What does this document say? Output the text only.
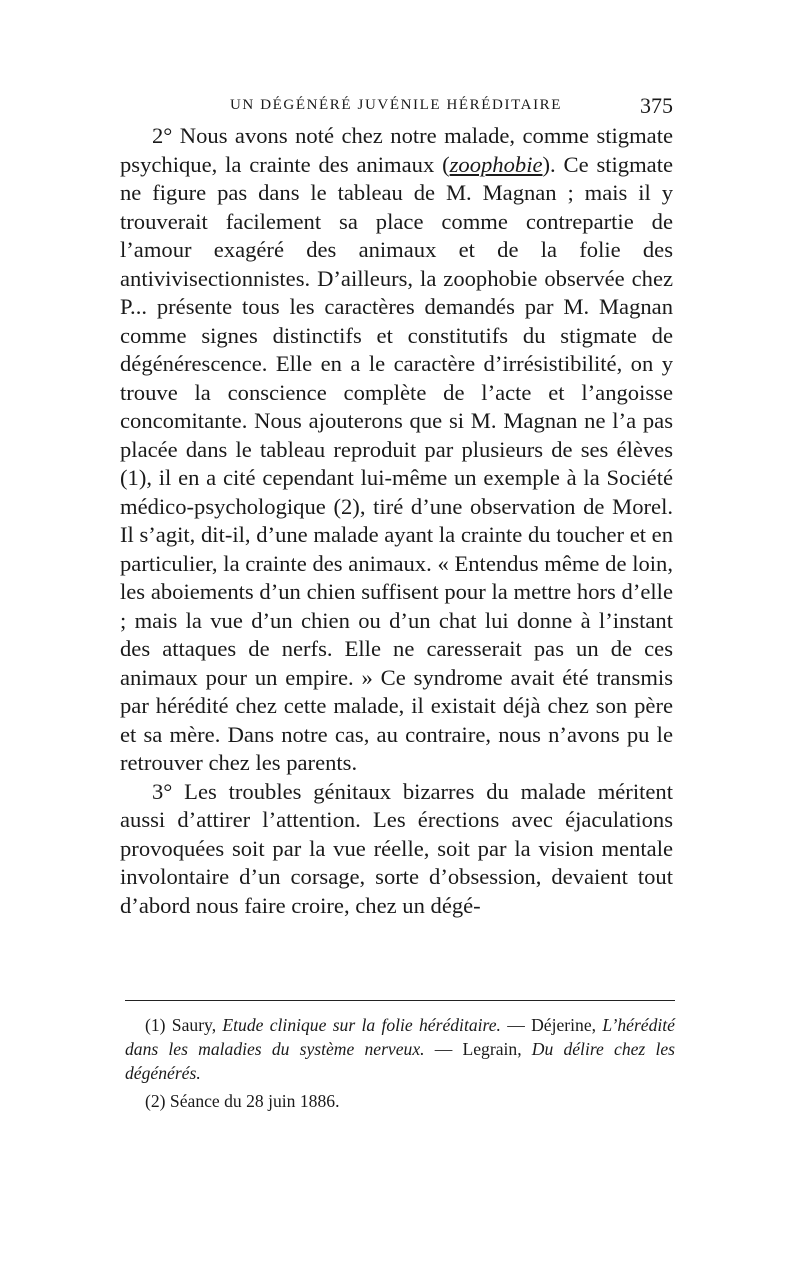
UN DÉGÉNÉRÉ JUVÉNILE HÉRÉDITAIRE	375

2° Nous avons noté chez notre malade, comme stigmate psychique, la crainte des animaux (zoophobie). Ce stigmate ne figure pas dans le tableau de M. Magnan ; mais il y trouverait facilement sa place comme contrepartie de l’amour exagéré des animaux et de la folie des antivivisectionnistes. D’ailleurs, la zoophobie observée chez P... présente tous les caractères demandés par M. Magnan comme signes distinctifs et constitutifs du stigmate de dégénérescence. Elle en a le caractère d’irrésistibilité, on y trouve la conscience complète de l’acte et l’angoisse concomitante. Nous ajouterons que si M. Magnan ne l’a pas placée dans le tableau reproduit par plusieurs de ses élèves (1), il en a cité cependant lui-même un exemple à la Société médico-psychologique (2), tiré d’une observation de Morel. Il s’agit, dit-il, d’une malade ayant la crainte du toucher et en particulier, la crainte des animaux. « Entendus même de loin, les aboiements d’un chien suffisent pour la mettre hors d’elle ; mais la vue d’un chien ou d’un chat lui donne à l’instant des attaques de nerfs. Elle ne caresserait pas un de ces animaux pour un empire. » Ce syndrome avait été transmis par hérédité chez cette malade, il existait déjà chez son père et sa mère. Dans notre cas, au contraire, nous n’avons pu le retrouver chez les parents.

3° Les troubles génitaux bizarres du malade méritent aussi d’attirer l’attention. Les érections avec éjaculations provoquées soit par la vue réelle, soit par la vision mentale involontaire d’un corsage, sorte d’obsession, devaient tout d’abord nous faire croire, chez un dégé-

(1) Saury, Etude clinique sur la folie héréditaire. — Déjerine, L’hérédité dans les maladies du système nerveux. — Legrain, Du délire chez les dégénérés.

(2) Séance du 28 juin 1886.
